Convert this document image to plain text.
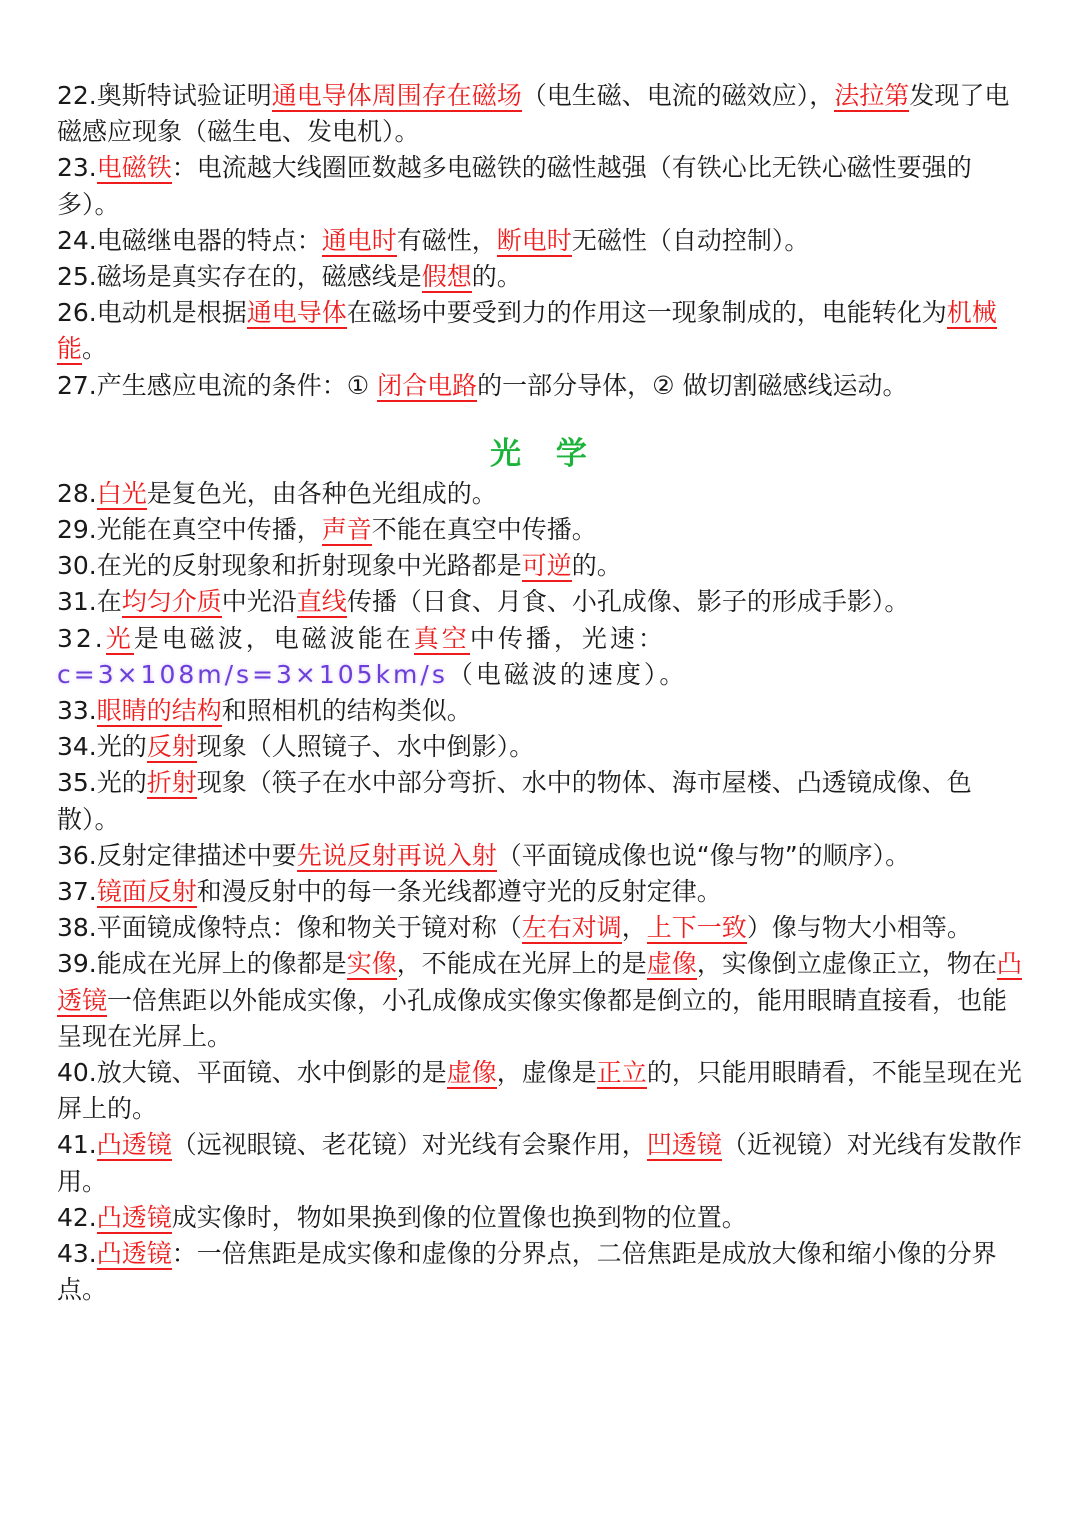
22.奥斯特试验证明通电导体周围存在磁场（电生磁、电流的磁效应），法拉第发现了电磁感应现象（磁生电、发电机）。
23.电磁铁：电流越大线圈匝数越多电磁铁的磁性越强（有铁心比无铁心磁性要强的多）。
24.电磁继电器的特点：通电时有磁性，断电时无磁性（自动控制）。
25.磁场是真实存在的，磁感线是假想的。
26.电动机是根据通电导体在磁场中要受到力的作用这一现象制成的，电能转化为机械能。
27.产生感应电流的条件：① 闭合电路的一部分导体，② 做切割磁感线运动。
光 学
28.白光是复色光，由各种色光组成的。
29.光能在真空中传播，声音不能在真空中传播。
30.在光的反射现象和折射现象中光路都是可逆的。
31.在均匀介质中光沿直线传播（日食、月食、小孔成像、影子的形成手影）。
32.光是电磁波，电磁波能在真空中传播，光速：c=3×108m/s=3×105km/s（电磁波的速度）。
33.眼睛的结构和照相机的结构类似。
34.光的反射现象（人照镜子、水中倒影）。
35.光的折射现象（筷子在水中部分弯折、水中的物体、海市屋楼、凸透镜成像、色散）。
36.反射定律描述中要先说反射再说入射（平面镜成像也说“像与物”的顺序）。
37.镜面反射和漫反射中的每一条光线都遵守光的反射定律。
38.平面镜成像特点：像和物关于镜对称（左右对调，上下一致）像与物大小相等。
39.能成在光屏上的像都是实像，不能成在光屏上的是虚像，实像倒立虚像正立，物在凸透镜一倍焦距以外能成实像，小孔成像成实像实像都是倒立的，能用眼睛直接看，也能呈现在光屏上。
40.放大镜、平面镜、水中倒影的是虚像，虚像是正立的，只能用眼睛看，不能呈现在光屏上的。
41.凸透镜（远视眼镜、老花镜）对光线有会聚作用，凹透镜（近视镜）对光线有发散作用。
42.凸透镜成实像时，物如果换到像的位置像也换到物的位置。
43.凸透镜：一倍焦距是成实像和虚像的分界点，二倍焦距是成放大像和缩小像的分界点。
